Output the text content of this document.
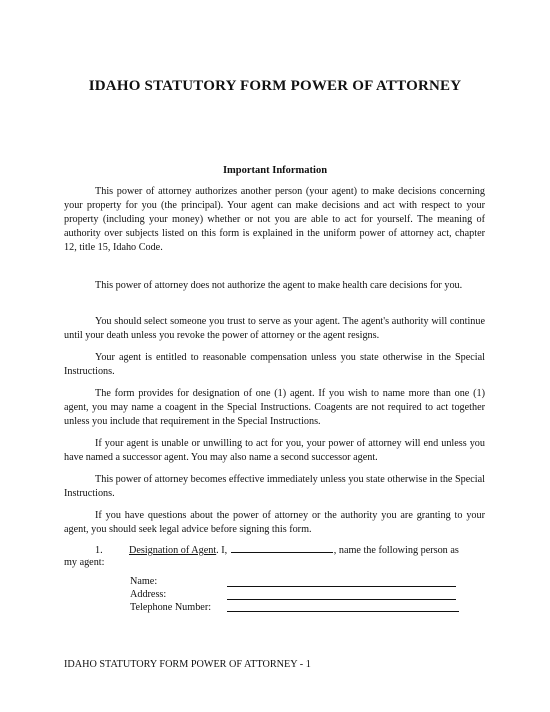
IDAHO STATUTORY FORM POWER OF ATTORNEY
Important Information

This power of attorney authorizes another person (your agent) to make decisions concerning your property for you (the principal). Your agent can make decisions and act with respect to your property (including your money) whether or not you are able to act for yourself. The meaning of authority over subjects listed on this form is explained in the uniform power of attorney act, chapter 12, title 15, Idaho Code.

This power of attorney does not authorize the agent to make health care decisions for you.

You should select someone you trust to serve as your agent. The agent's authority will continue until your death unless you revoke the power of attorney or the agent resigns.

Your agent is entitled to reasonable compensation unless you state otherwise in the Special Instructions.

The form provides for designation of one (1) agent. If you wish to name more than one (1) agent, you may name a coagent in the Special Instructions. Coagents are not required to act together unless you include that requirement in the Special Instructions.

If your agent is unable or unwilling to act for you, your power of attorney will end unless you have named a successor agent. You may also name a second successor agent.

This power of attorney becomes effective immediately unless you state otherwise in the Special Instructions.

If you have questions about the power of attorney or the authority you are granting to your agent, you should seek legal advice before signing this form.

1.	Designation of Agent. I,	, name the following person as
my agent:
Name:
Address:
Telephone Number:
IDAHO STATUTORY FORM POWER OF ATTORNEY - 1
